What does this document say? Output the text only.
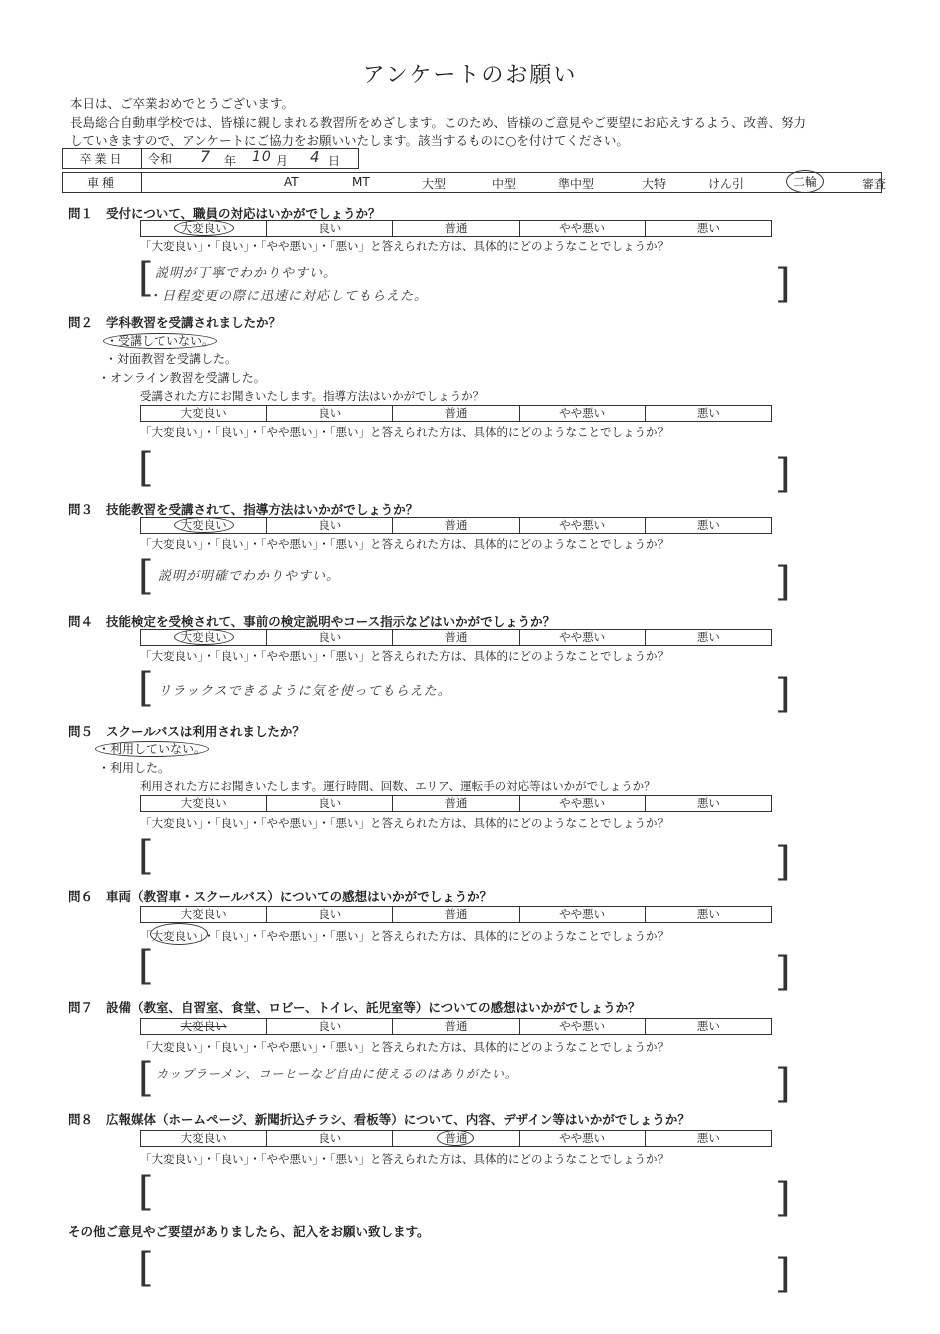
アンケートのお願い
本日は、ご卒業おめでとうございます。
長島総合自動車学校では、皆様に親しまれる教習所をめざします。このため、皆様のご意見やご要望にお応えするよう、改善、努力
していきますので、アンケートにご協力をお願いいたします。該当するものに○を付けてください。
卒業日	令和 7 年 10 月 4 日
車種	AT	MT	大型	中型	準中型	大特	けん引	二輪	審査
問１ 受付について、職員の対応はいかがでしょうか？
大変良い	良い	普通	やや悪い	悪い
「大変良い」・「良い」・「やや悪い」・「悪い」と答えられた方は、具体的にどのようなことでしょうか？
[	]
説明が丁寧でわかりやすい。
・日程変更の際に迅速に対応してもらえた。
問２ 学科教習を受講されましたか？
・受講していない。
・対面教習を受講した。
・オンライン教習を受講した。
受講された方にお聞きいたします。指導方法はいかがでしょうか？
大変良い	良い	普通	やや悪い	悪い
「大変良い」・「良い」・「やや悪い」・「悪い」と答えられた方は、具体的にどのようなことでしょうか？
[	]
問３ 技能教習を受講されて、指導方法はいかがでしょうか？
大変良い	良い	普通	やや悪い	悪い
「大変良い」・「良い」・「やや悪い」・「悪い」と答えられた方は、具体的にどのようなことでしょうか？
[	]
説明が明確でわかりやすい。
問４ 技能検定を受検されて、事前の検定説明やコース指示などはいかがでしょうか？
大変良い	良い	普通	やや悪い	悪い
「大変良い」・「良い」・「やや悪い」・「悪い」と答えられた方は、具体的にどのようなことでしょうか？
[	]
リラックスできるように気を使ってもらえた。
問５ スクールバスは利用されましたか？
・利用していない。
・利用した。
利用された方にお聞きいたします。運行時間、回数、エリア、運転手の対応等はいかがでしょうか？
大変良い	良い	普通	やや悪い	悪い
「大変良い」・「良い」・「やや悪い」・「悪い」と答えられた方は、具体的にどのようなことでしょうか？
[	]
問６ 車両（教習車・スクールバス）についての感想はいかがでしょうか？
大変良い	良い	普通	やや悪い	悪い
「大変良い」・「良い」・「やや悪い」・「悪い」と答えられた方は、具体的にどのようなことでしょうか？
[	]
問７ 設備（教室、自習室、食堂、ロビー、トイレ、託児室等）についての感想はいかがでしょうか？
大変良い	良い	普通	やや悪い	悪い
「大変良い」・「良い」・「やや悪い」・「悪い」と答えられた方は、具体的にどのようなことでしょうか？
[	]
カップラーメン、コーヒーなど自由に使えるのはありがたい。
問８ 広報媒体（ホームページ、新聞折込チラシ、看板等）について、内容、デザイン等はいかがでしょうか？
大変良い	良い	普通	やや悪い	悪い
「大変良い」・「良い」・「やや悪い」・「悪い」と答えられた方は、具体的にどのようなことでしょうか？
[	]
その他ご意見やご要望がありましたら、記入をお願い致します。
[	]
